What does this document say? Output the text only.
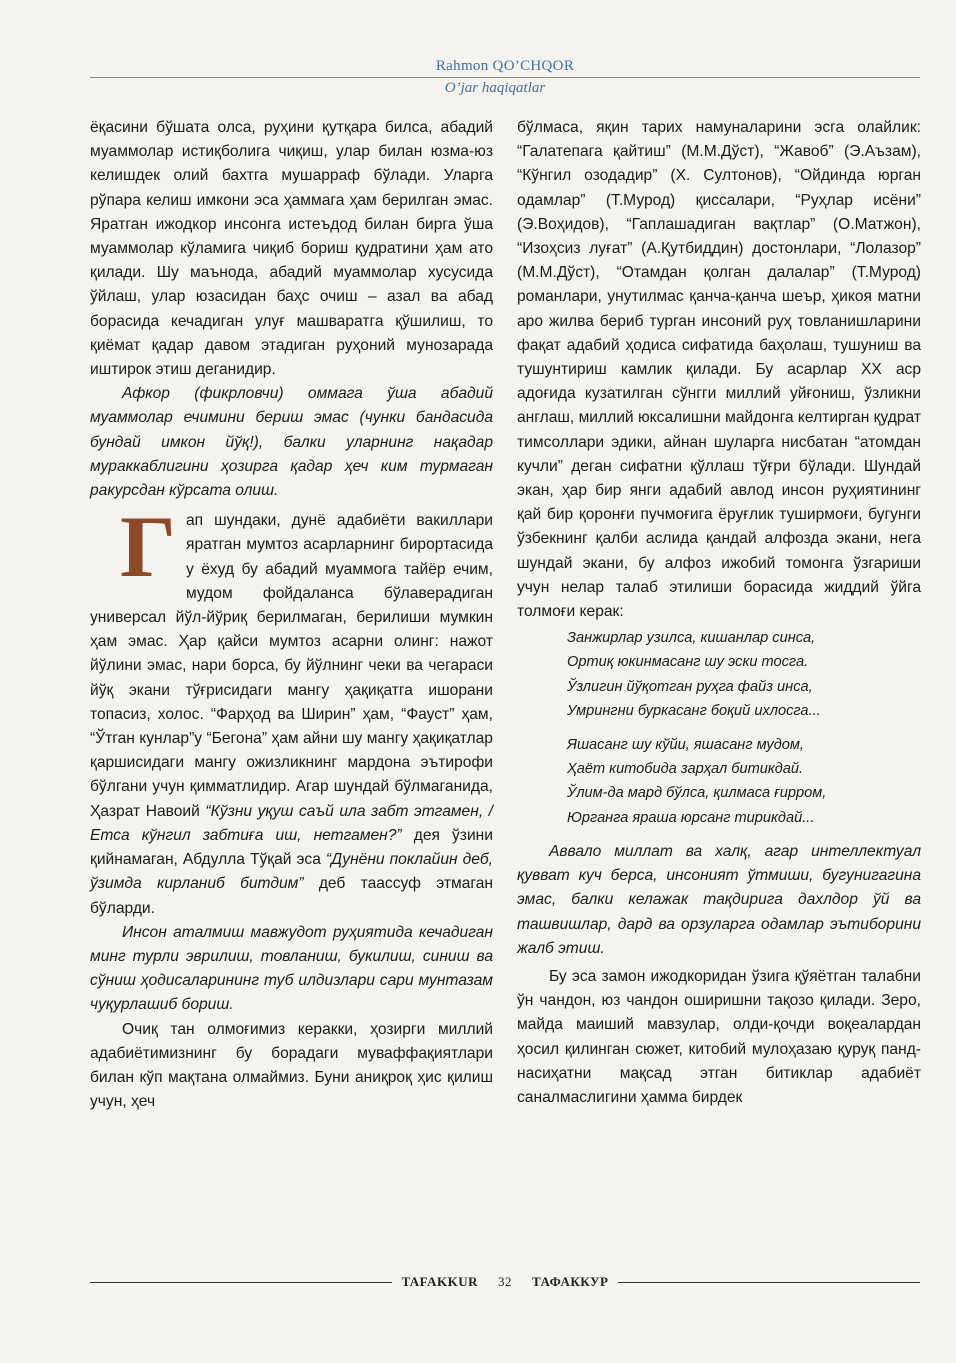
Rahmon QO’CHQOR
O’jar haqiqatlar

ёқасини бўшата олса, руҳини қутқара билса, абадий муаммолар истиқболига чиқиш, улар билан юзма-юз келишдек олий бахтга мушарраф бўлади. Уларга рўпара келиш имкони эса ҳаммага ҳам берилган эмас. Яратган ижодкор инсонга истеъдод билан бирга ўша муаммолар кўламига чиқиб бориш қудратини ҳам ато қилади. Шу маънода, абадий муаммолар хусусида ўйлаш, улар юзасидан баҳс очиш – азал ва абад борасида кечадиган улуғ машваратга қўшилиш, то қиёмат қадар давом этадиган руҳоний мунозарада иштирок этиш деганидир.

Афкор (фикрловчи) оммага ўша абадий муаммолар ечимини бериш эмас (чунки бандасида бундай имкон йўқ!), балки уларнинг нақадар мураккаблигини ҳозирга қадар ҳеч ким турмаган ракурсдан кўрсата олиш.

Гап шундаки, дунё адабиёти вакиллари яратган мумтоз асарларнинг бирортасида у ёхуд бу абадий муаммога тайёр ечим, мудом фойдаланса бўлаверадиган универсал йўл-йўриқ берилмаган, берилиши мумкин ҳам эмас. Ҳар қайси мумтоз асарни олинг: нажот йўлини эмас, нари борса, бу йўлнинг чеки ва чегараси йўқ экани тўғрисидаги мангу ҳақиқатга ишорани топасиз, холос. “Фарҳод ва Ширин” ҳам, “Фауст” ҳам, “Ўтган кунлар”у “Бегона” ҳам айни шу мангу ҳақиқатлар қаршисидаги мангу ожизликнинг мардона эътирофи бўлгани учун қимматлидир. Агар шундай бўлмаганида, Ҳазрат Навоий “Кўзни уқуш саъй ила забт этгамен, / Етса кўнгил забтиға иш, нетгамен?” дея ўзини қийнамаган, Абдулла Тўқай эса “Дунёни поклайин деб, ўзимда кирланиб битдим” деб таассуф этмаган бўларди.

Инсон аталмиш мавжудот руҳиятида кечадиган минг турли эврилиш, товланиш, букилиш, синиш ва сўниш ҳодисаларининг туб илдизлари сари мунтазам чуқурлашиб бориш.

Очиқ тан олмоғимиз керакки, ҳозирги миллий адабиётимизнинг бу борадаги муваффақиятлари билан кўп мақтана олмаймиз. Буни аниқроқ ҳис қилиш учун, ҳеч

бўлмаса, яқин тарих намуналарини эсга олайлик: “Галатепага қайтиш” (М.М.Дўст), “Жавоб” (Э.Аъзам), “Кўнгил озодадир” (Х. Султонов), “Ойдинда юрган одамлар” (Т.Мурод) қиссалари, “Руҳлар исёни” (Э.Воҳидов), “Гаплашадиган вақтлар” (О.Матжон), “Изоҳсиз луғат” (А.Қутбиддин) достонлари, “Лолазор” (М.М.Дўст), “Отамдан қолган далалар” (Т.Мурод) романлари, унутилмас қанча-қанча шеър, ҳикоя матни аро жилва бериб турган инсоний руҳ товланишларини фақат адабий ҳодиса сифатида баҳолаш, тушуниш ва тушунтириш камлик қилади. Бу асарлар XX аср адоғида кузатилган сўнгги миллий уйғониш, ўзликни англаш, миллий юксалишни майдонга келтирган қудрат тимсоллари эдики, айнан шуларга нисбатан “атомдан кучли” деган сифатни қўллаш тўғри бўлади. Шундай экан, ҳар бир янги адабий авлод инсон руҳиятининг қай бир қоронғи пучмоғига ёруғлик туширмоғи, бугунги ўзбекнинг қалби аслида қандай алфозда экани, нега шундай экани, бу алфоз ижобий томонга ўзгариши учун нелар талаб этилиши борасида жиддий ўйга толмоғи керак:

Занжирлар узилса, кишанлар синса,
Ортиқ юкинмасанг шу эски тосга.
Ўзлигин йўқотган руҳга файз инса,
Умрингни буркасанг боқий ихлосга...
Яшасанг шу кўйи, яшасанг мудом,
Ҳаёт китобида зарҳал битикдай.
Ўлим-да мард бўлса, қилмаса ғирром,
Юрганга яраша юрсанг тирикдай...

Аввало миллат ва халқ, агар интеллектуал қувват куч берса, инсоният ўтмиши, бугунигагина эмас, балки келажак тақдирига дахлдор ўй ва ташвишлар, дард ва орзуларга одамлар эътиборини жалб этиш.

Бу эса замон ижодкоридан ўзига қўяётган талабни ўн чандон, юз чандон оширишни тақозо қилади. Зеро, майда маиший мавзулар, олди-қочди воқеалардан ҳосил қилинган сюжет, китобий мулоҳазаю қуруқ панд-насиҳатни мақсад этган битиклар адабиёт саналмаслигини ҳамма бирдек

TAFAKKUR	32	ТАФАККУР
